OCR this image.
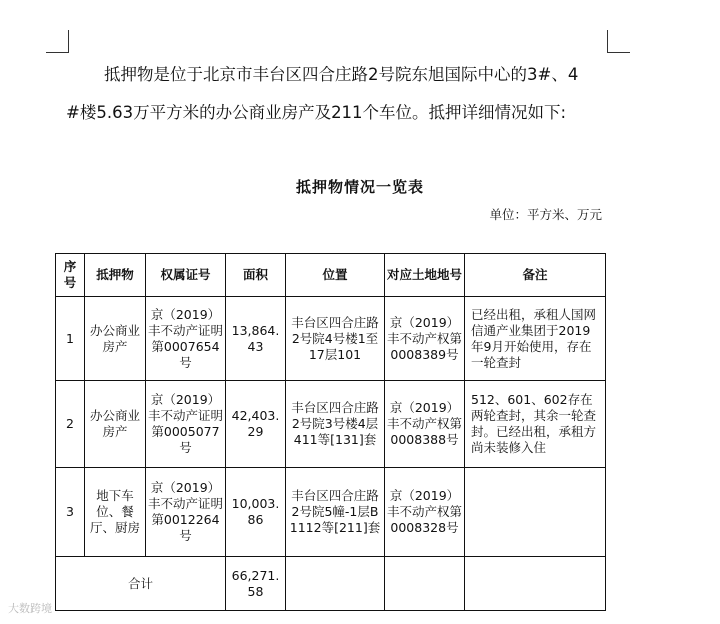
抵押物是位于北京市丰台区四合庄路2号院东旭国际中心的3#、4
#楼5.63万平方米的办公商业房产及211个车位。抵押详细情况如下:
抵押物情况一览表
单位：平方米、万元
序号	抵押物	权属证号	面积	位置	对应土地地号	备注
1	办公商业房产	京（2019）丰不动产证明第0007654号	13,864.43	丰台区四合庄路2号院4号楼1至17层101	京（2019）丰不动产权第0008389号	已经出租，承租人国网信通产业集团于2019年9月开始使用，存在一轮查封
2	办公商业房产	京（2019）丰不动产证明第0005077号	42,403.29	丰台区四合庄路2号院3号楼4层411等[131]套	京（2019）丰不动产权第0008388号	512、601、602存在两轮查封，其余一轮查封。已经出租，承租方尚未装修入住
3	地下车位、餐厅、厨房	京（2019）丰不动产证明第0012264号	10,003.86	丰台区四合庄路2号院5幢-1层B1112等[211]套	京（2019）丰不动产权第0008328号	
合计			66,271.58			
大数跨境
